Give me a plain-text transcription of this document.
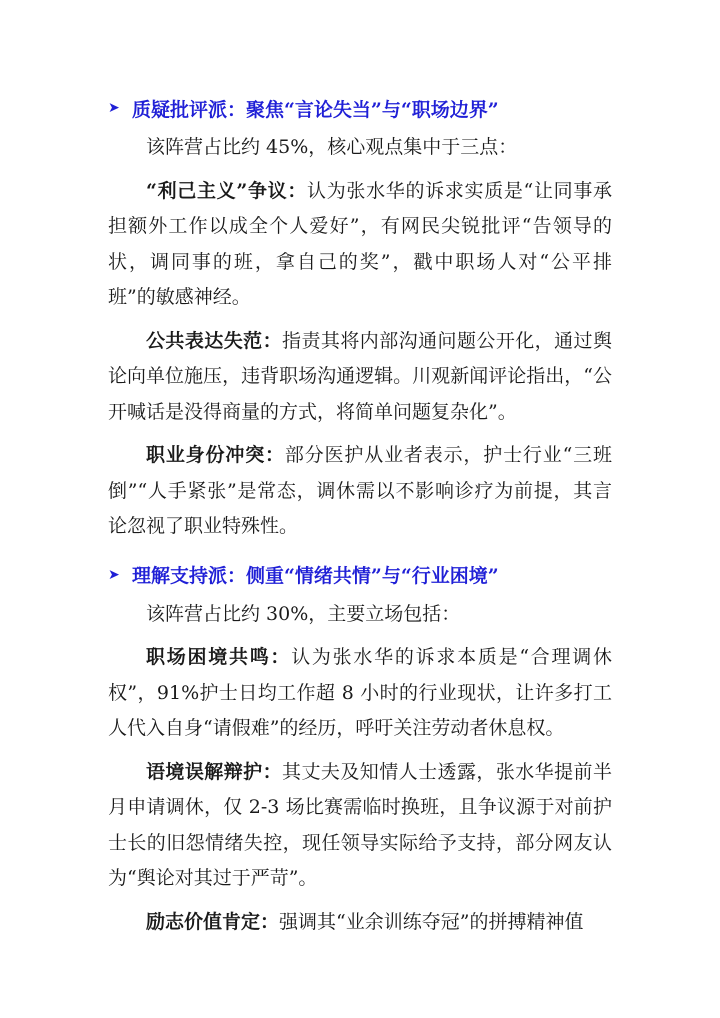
➤ 质疑批评派：聚焦“言论失当”与“职场边界”

该阵营占比约 45%，核心观点集中于三点：

“利己主义”争议：认为张水华的诉求实质是“让同事承担额外工作以成全个人爱好”，有网民尖锐批评“告领导的状，调同事的班，拿自己的奖”，戳中职场人对“公平排班”的敏感神经。

公共表达失范：指责其将内部沟通问题公开化，通过舆论向单位施压，违背职场沟通逻辑。川观新闻评论指出，“公开喊话是没得商量的方式，将简单问题复杂化”。

职业身份冲突：部分医护从业者表示，护士行业“三班倒”“人手紧张”是常态，调休需以不影响诊疗为前提，其言论忽视了职业特殊性。

➤ 理解支持派：侧重“情绪共情”与“行业困境”

该阵营占比约 30%，主要立场包括：

职场困境共鸣：认为张水华的诉求本质是“合理调休权”，91%护士日均工作超 8 小时的行业现状，让许多打工人代入自身“请假难”的经历，呼吁关注劳动者休息权。

语境误解辩护：其丈夫及知情人士透露，张水华提前半月申请调休，仅 2-3 场比赛需临时换班，且争议源于对前护士长的旧怨情绪失控，现任领导实际给予支持，部分网友认为“舆论对其过于严苛”。

励志价值肯定：强调其“业余训练夺冠”的拼搏精神值
